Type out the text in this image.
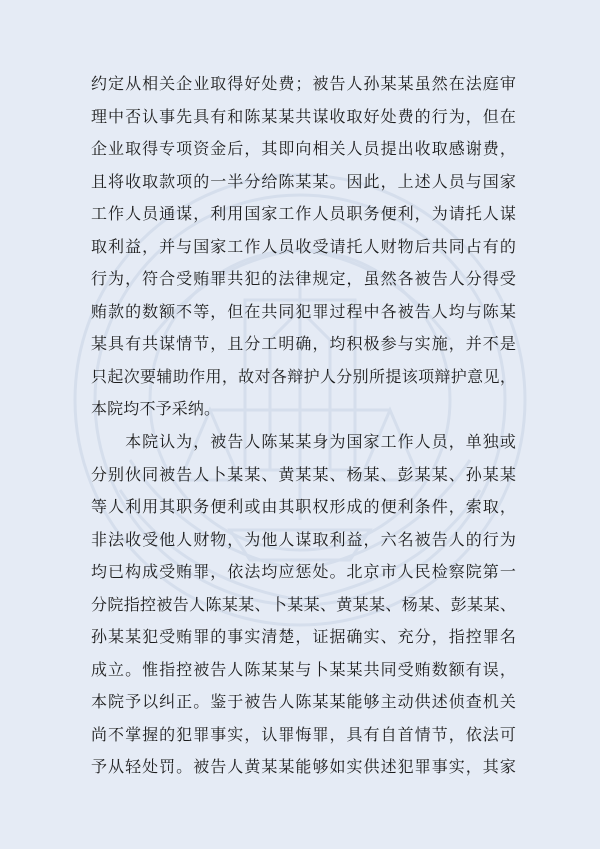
约定从相关企业取得好处费；被告人孙某某虽然在法庭审
理中否认事先具有和陈某某共谋收取好处费的行为，但在
企业取得专项资金后，其即向相关人员提出收取感谢费，
且将收取款项的一半分给陈某某。因此，上述人员与国家
工作人员通谋，利用国家工作人员职务便利，为请托人谋
取利益，并与国家工作人员收受请托人财物后共同占有的
行为，符合受贿罪共犯的法律规定，虽然各被告人分得受
贿款的数额不等，但在共同犯罪过程中各被告人均与陈某
某具有共谋情节，且分工明确，均积极参与实施，并不是
只起次要辅助作用，故对各辩护人分别所提该项辩护意见，
本院均不予采纳。
　　本院认为，被告人陈某某身为国家工作人员，单独或
分别伙同被告人卜某某、黄某某、杨某、彭某某、孙某某
等人利用其职务便利或由其职权形成的便利条件，索取，
非法收受他人财物，为他人谋取利益，六名被告人的行为
均已构成受贿罪，依法均应惩处。北京市人民检察院第一
分院指控被告人陈某某、卜某某、黄某某、杨某、彭某某、
孙某某犯受贿罪的事实清楚，证据确实、充分，指控罪名
成立。惟指控被告人陈某某与卜某某共同受贿数额有误，
本院予以纠正。鉴于被告人陈某某能够主动供述侦查机关
尚不掌握的犯罪事实，认罪悔罪，具有自首情节，依法可
予从轻处罚。被告人黄某某能够如实供述犯罪事实，其家
